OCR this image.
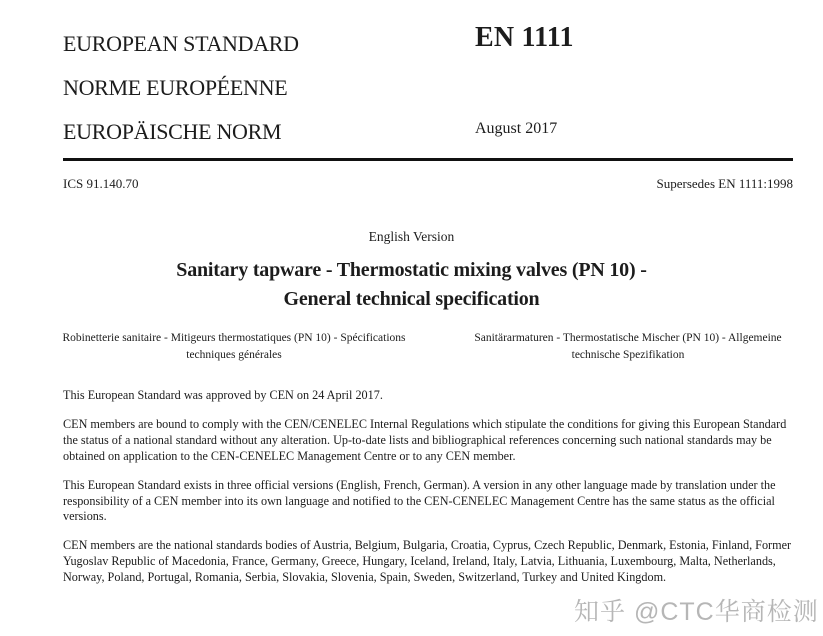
EUROPEAN STANDARD
NORME EUROPÉENNE
EUROPÄISCHE NORM
EN 1111
August 2017
ICS 91.140.70	Supersedes EN 1111:1998
English Version
Sanitary tapware - Thermostatic mixing valves (PN 10) -
General technical specification
Robinetterie sanitaire - Mitigeurs thermostatiques (PN 10) - Spécifications techniques générales
Sanitärarmaturen - Thermostatische Mischer (PN 10) - Allgemeine technische Spezifikation

This European Standard was approved by CEN on 24 April 2017.

CEN members are bound to comply with the CEN/CENELEC Internal Regulations which stipulate the conditions for giving this European Standard the status of a national standard without any alteration. Up-to-date lists and bibliographical references concerning such national standards may be obtained on application to the CEN-CENELEC Management Centre or to any CEN member.

This European Standard exists in three official versions (English, French, German). A version in any other language made by translation under the responsibility of a CEN member into its own language and notified to the CEN-CENELEC Management Centre has the same status as the official versions.

CEN members are the national standards bodies of Austria, Belgium, Bulgaria, Croatia, Cyprus, Czech Republic, Denmark, Estonia, Finland, Former Yugoslav Republic of Macedonia, France, Germany, Greece, Hungary, Iceland, Ireland, Italy, Latvia, Lithuania, Luxembourg, Malta, Netherlands, Norway, Poland, Portugal, Romania, Serbia, Slovakia, Slovenia, Spain, Sweden, Switzerland, Turkey and United Kingdom.

知乎 @CTC华商检测
